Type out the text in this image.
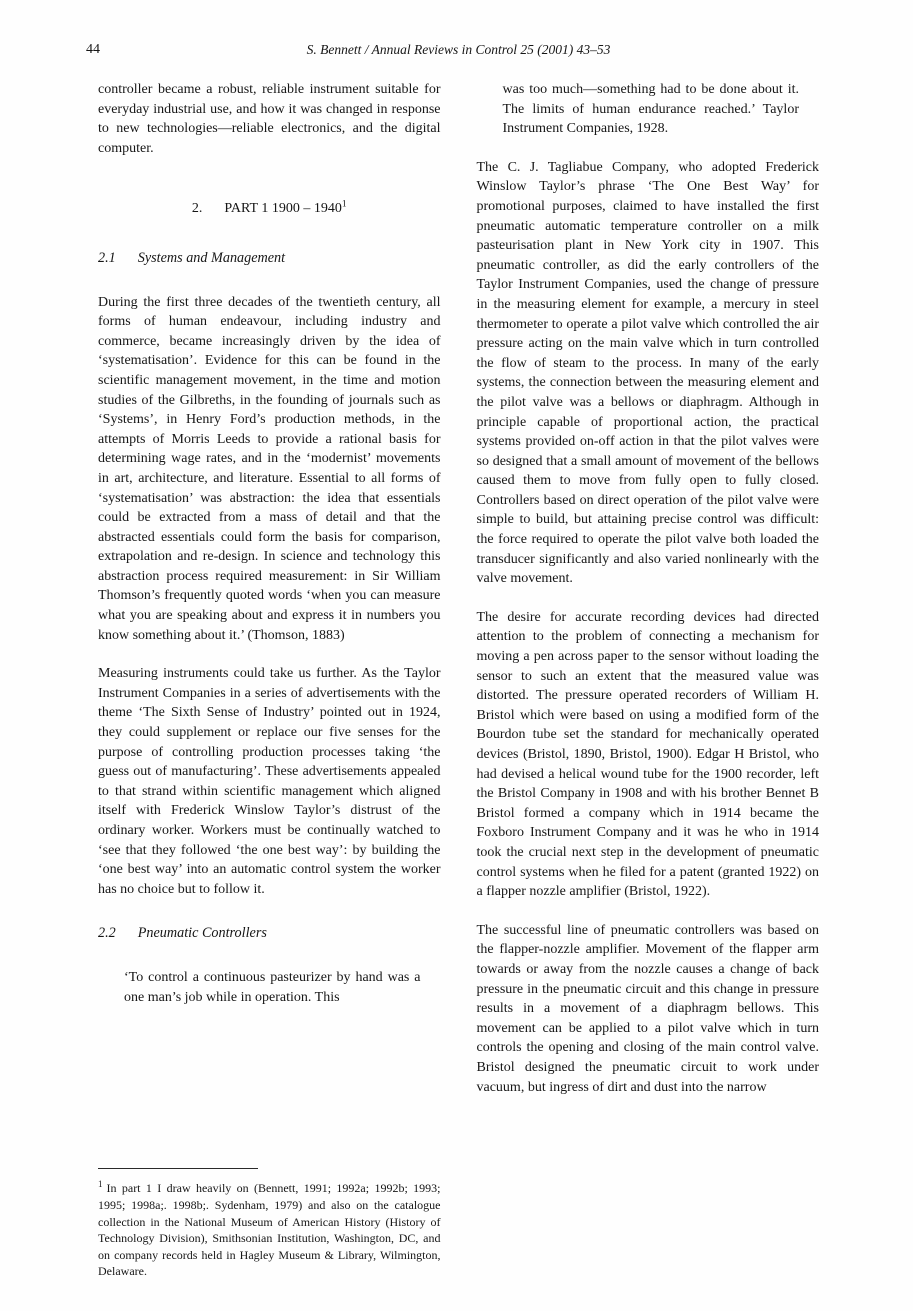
44	S. Bennett / Annual Reviews in Control 25 (2001) 43–53

controller became a robust, reliable instrument suitable for everyday industrial use, and how it was changed in response to new technologies—reliable electronics, and the digital computer.

2. PART 1 1900 – 1940$^1$
2.1 Systems and Management

During the first three decades of the twentieth century, all forms of human endeavour, including industry and commerce, became increasingly driven by the idea of ‘systematisation’. Evidence for this can be found in the scientific management movement, in the time and motion studies of the Gilbreths, in the founding of journals such as ‘Systems’, in Henry Ford’s production methods, in the attempts of Morris Leeds to provide a rational basis for determining wage rates, and in the ‘modernist’ movements in art, architecture, and literature. Essential to all forms of ‘systematisation’ was abstraction: the idea that essentials could be extracted from a mass of detail and that the abstracted essentials could form the basis for comparison, extrapolation and re-design. In science and technology this abstraction process required measurement: in Sir William Thomson’s frequently quoted words ‘when you can measure what you are speaking about and express it in numbers you know something about it.’ (Thomson, 1883)

Measuring instruments could take us further. As the Taylor Instrument Companies in a series of advertisements with the theme ‘The Sixth Sense of Industry’ pointed out in 1924, they could supplement or replace our five senses for the purpose of controlling production processes taking ‘the guess out of manufacturing’. These advertisements appealed to that strand within scientific management which aligned itself with Frederick Winslow Taylor’s distrust of the ordinary worker. Workers must be continually watched to ‘see that they followed ‘the one best way’: by building the ‘one best way’ into an automatic control system the worker has no choice but to follow it.

2.2 Pneumatic Controllers

‘To control a continuous pasteurizer by hand was a one man’s job while in operation. This

$^1$ In part 1 I draw heavily on (Bennett, 1991; 1992a; 1992b; 1993; 1995; 1998a;. 1998b;. Sydenham, 1979) and also on the catalogue collection in the National Museum of American History (History of Technology Division), Smithsonian Institution, Washington, DC, and on company records held in Hagley Museum & Library, Wilmington, Delaware.

was too much—something had to be done about it. The limits of human endurance reached.’ Taylor Instrument Companies, 1928.

The C. J. Tagliabue Company, who adopted Frederick Winslow Taylor’s phrase ‘The One Best Way’ for promotional purposes, claimed to have installed the first pneumatic automatic temperature controller on a milk pasteurisation plant in New York city in 1907. This pneumatic controller, as did the early controllers of the Taylor Instrument Companies, used the change of pressure in the measuring element for example, a mercury in steel thermometer to operate a pilot valve which controlled the air pressure acting on the main valve which in turn controlled the flow of steam to the process. In many of the early systems, the connection between the measuring element and the pilot valve was a bellows or diaphragm. Although in principle capable of proportional action, the practical systems provided on-off action in that the pilot valves were so designed that a small amount of movement of the bellows caused them to move from fully open to fully closed. Controllers based on direct operation of the pilot valve were simple to build, but attaining precise control was difficult: the force required to operate the pilot valve both loaded the transducer significantly and also varied nonlinearly with the valve movement.

The desire for accurate recording devices had directed attention to the problem of connecting a mechanism for moving a pen across paper to the sensor without loading the sensor to such an extent that the measured value was distorted. The pressure operated recorders of William H. Bristol which were based on using a modified form of the Bourdon tube set the standard for mechanically operated devices (Bristol, 1890, Bristol, 1900). Edgar H Bristol, who had devised a helical wound tube for the 1900 recorder, left the Bristol Company in 1908 and with his brother Bennet B Bristol formed a company which in 1914 became the Foxboro Instrument Company and it was he who in 1914 took the crucial next step in the development of pneumatic control systems when he filed for a patent (granted 1922) on a flapper nozzle amplifier (Bristol, 1922).

The successful line of pneumatic controllers was based on the flapper-nozzle amplifier. Movement of the flapper arm towards or away from the nozzle causes a change of back pressure in the pneumatic circuit and this change in pressure results in a movement of a diaphragm bellows. This movement can be applied to a pilot valve which in turn controls the opening and closing of the main control valve. Bristol designed the pneumatic circuit to work under vacuum, but ingress of dirt and dust into the narrow
